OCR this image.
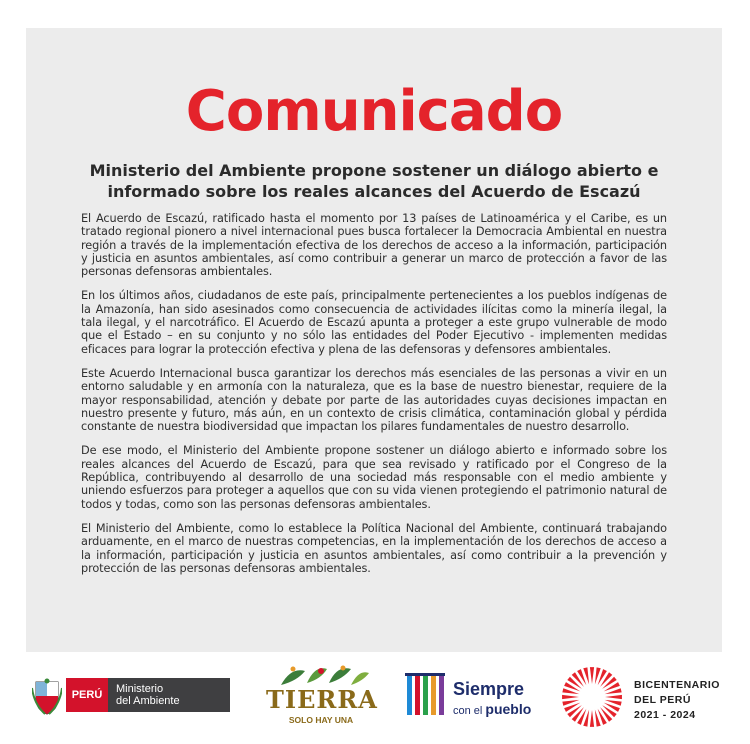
Comunicado
Ministerio del Ambiente propone sostener un diálogo abierto e informado sobre los reales alcances del Acuerdo de Escazú

El Acuerdo de Escazú, ratificado hasta el momento por 13 países de Latinoamérica y el Caribe, es un tratado regional pionero a nivel internacional pues busca fortalecer la Democracia Ambiental en nuestra región a través de la implementación efectiva de los derechos de acceso a la información, participación y justicia en asuntos ambientales, así como contribuir a generar un marco de protección a favor de las personas defensoras ambientales.

En los últimos años, ciudadanos de este país, principalmente pertenecientes a los pueblos indígenas de la Amazonía, han sido asesinados como consecuencia de actividades ilícitas como la minería ilegal, la tala ilegal, y el narcotráfico. El Acuerdo de Escazú apunta a proteger a este grupo vulnerable de modo que el Estado – en su conjunto y no sólo las entidades del Poder Ejecutivo - implementen medidas eficaces para lograr la protección efectiva y plena de las defensoras y defensores ambientales.

Este Acuerdo Internacional busca garantizar los derechos más esenciales de las personas a vivir en un entorno saludable y en armonía con la naturaleza, que es la base de nuestro bienestar, requiere de la mayor responsabilidad, atención y debate por parte de las autoridades cuyas decisiones impactan en nuestro presente y futuro, más aún, en un contexto de crisis climática, contaminación global y pérdida constante de nuestra biodiversidad que impactan los pilares fundamentales de nuestro desarrollo.

De ese modo, el Ministerio del Ambiente propone sostener un diálogo abierto e informado sobre los reales alcances del Acuerdo de Escazú, para que sea revisado y ratificado por el Congreso de la República, contribuyendo al desarrollo de una sociedad más responsable con el medio ambiente y uniendo esfuerzos para proteger a aquellos que con su vida vienen protegiendo el patrimonio natural de todos y todas, como son las personas defensoras ambientales.

El Ministerio del Ambiente, como lo establece la Política Nacional del Ambiente, continuará trabajando arduamente, en el marco de nuestras competencias, en la implementación de los derechos de acceso a la información, participación y justicia en asuntos ambientales, así como contribuir a la prevención y protección de las personas defensoras ambientales.

PERÚ	Ministerio
del Ambiente	TIERRA
SOLO HAY UNA
Siempre
con el pueblo
BICENTENARIO
DEL PERÚ
2021 - 2024
